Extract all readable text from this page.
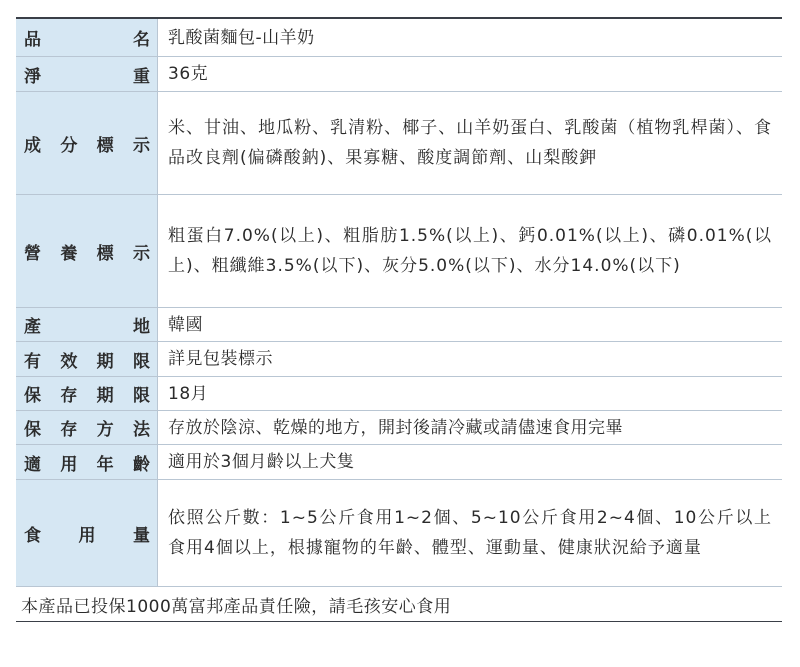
品 名	乳酸菌麵包-山羊奶

淨 重	36克

成 分 標 示	米、甘油、地瓜粉、乳清粉、椰子、山羊奶蛋白、乳酸菌（植物乳桿菌）、食品改良劑(偏磷酸鈉)、果寡糖、酸度調節劑、山梨酸鉀

營 養 標 示	粗蛋白7.0%(以上)、粗脂肪1.5%(以上)、鈣0.01%(以上)、磷0.01%(以上)、粗纖維3.5%(以下)、灰分5.0%(以下)、水分14.0%(以下)

產 地	韓國

有 效 期 限	詳見包裝標示

保 存 期 限	18月

保 存 方 法	存放於陰涼、乾燥的地方，開封後請冷藏或請儘速食用完畢

適 用 年 齡	適用於3個月齡以上犬隻

食 用 量	依照公斤數：1~5公斤食用1~2個、5~10公斤食用2~4個、10公斤以上食用4個以上，根據寵物的年齡、體型、運動量、健康狀況給予適量
本產品已投保1000萬富邦產品責任險，請毛孩安心食用	
